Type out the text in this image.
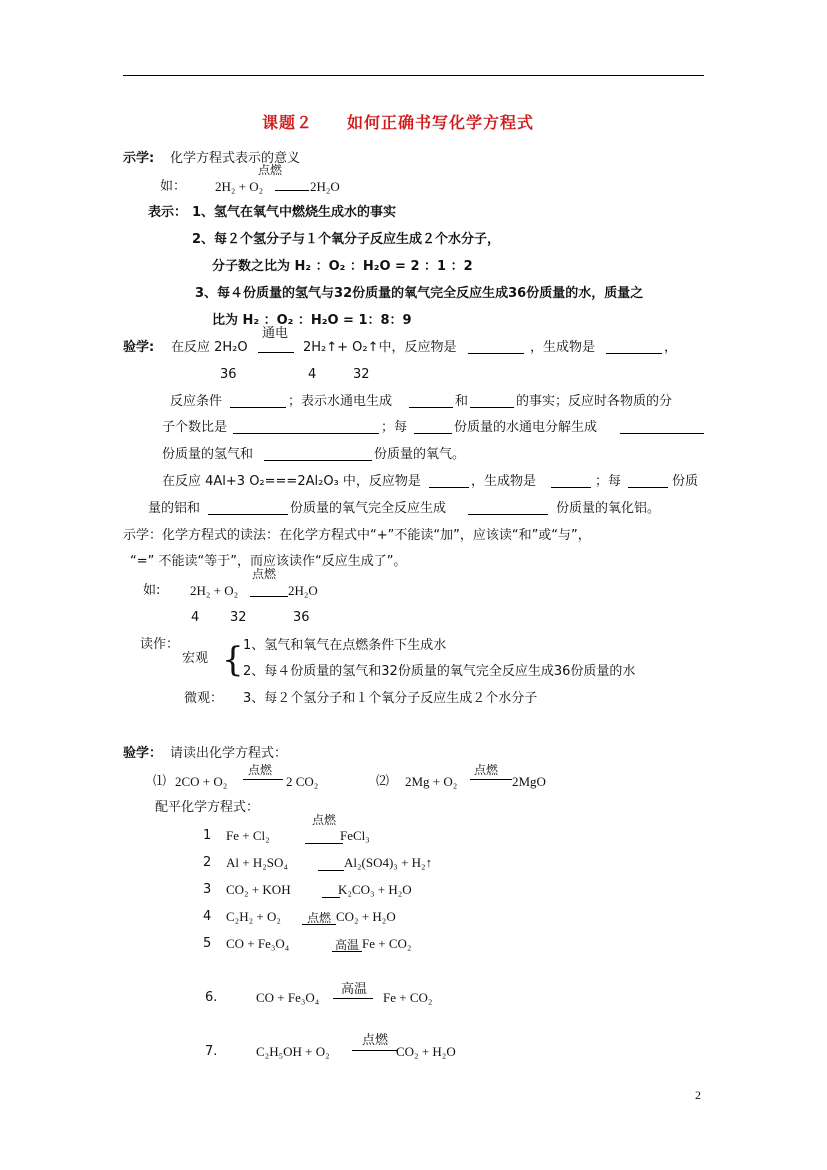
课题２　　如何正确书写化学方程式
示学: 化学方程式表示的意义
如： 2H₂ + O₂
点燃
2H₂O
表示： 1、氢气在氧气中燃烧生成水的事实
2、每２个氢分子与１个氧分子反应生成２个水分子，
分子数之比为 H₂ ：O₂ ：H₂O = 2 ：1 ：2
3、每４份质量的氢气与32份质量的氧气完全反应生成36份质量的水，质量之
比为 H₂ ：O₂ ：H₂O = 1：8：9
验学: 在反应 2H₂O
通电
2H₂↑+ O₂↑中，反应物是	，生成物是	，
36	4	32
反应条件	；表示水通电生成	和	的事实；反应时各物质的分
子个数比是	；每	份质量的水通电分解生成
份质量的氢气和	份质量的氧气。
在反应 4Al+3 O₂===2Al₂O₃ 中，反应物是	，生成物是	；每	份质
量的铝和	份质量的氧气完全反应生成	份质量的氧化铝。
示学：化学方程式的读法：在化学方程式中“+”不能读“加”，应该读“和”或“与”，
“=” 不能读“等于”，而应该读作“反应生成了”。
如: 2H₂ + O₂
点燃
2H₂O
4 32	36
读作：
宏观 { 1、氢气和氧气在点燃条件下生成水
2、每４份质量的氢气和32份质量的氧气完全反应生成36份质量的水
微观： 3、每２个氢分子和１个氧分子反应生成２个水分子
验学： 请读出化学方程式：
⑴ 2CO + O₂
点燃
2 CO₂	⑵ 2Mg + O₂
点燃
2MgO
配平化学方程式：
1 Fe + Cl₂
点燃
FeCl₃
2 Al + H₂SO₄	Al₂(SO4)₃ + H₂↑
3 CO₂ + KOH	K₂CO₃ + H₂O
4 C₂H₂ + O₂ 点燃 CO₂ + H₂O
5 CO + Fe₃O₄	高温 Fe + CO₂
6.	CO + Fe₃O₄
高温
Fe + CO₂
7.	C₂H₅OH + O₂
点燃
CO₂ + H₂O
2
